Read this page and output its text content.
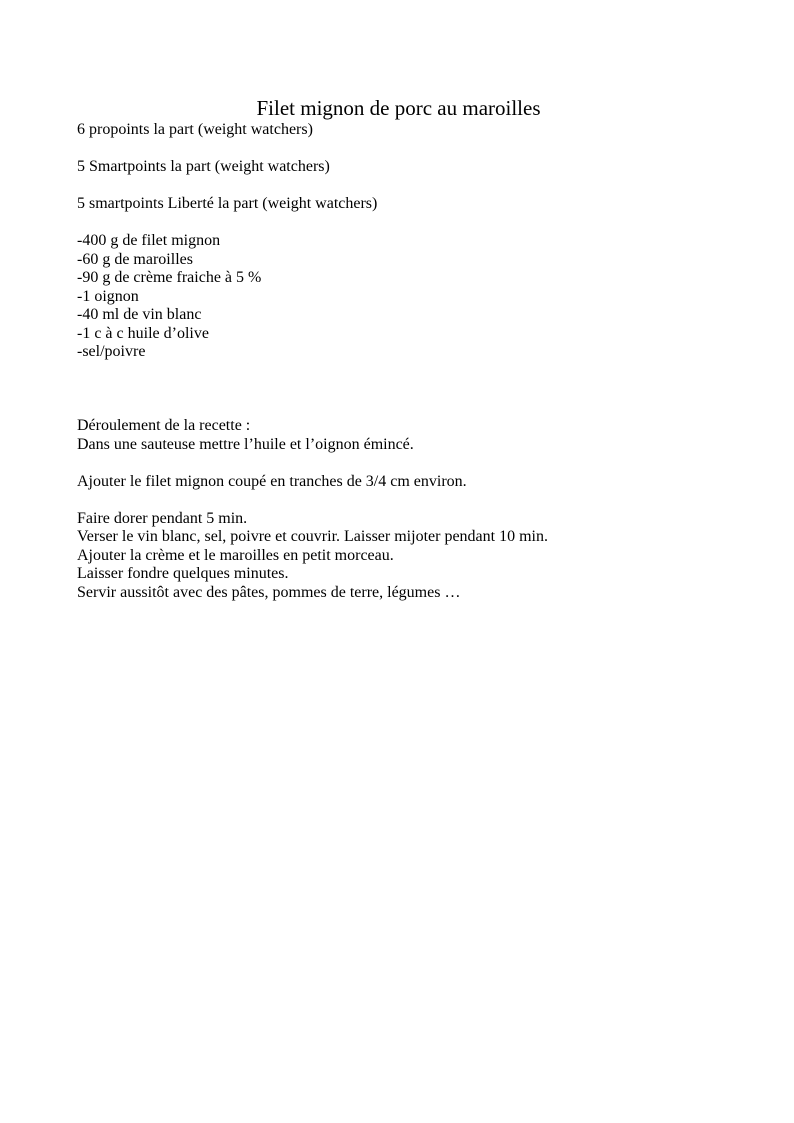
Filet mignon de porc au maroilles

6 propoints la part (weight watchers)

5 Smartpoints la part (weight watchers)

5 smartpoints Liberté la part (weight watchers)

-400 g de filet mignon

-60 g de maroilles

-90 g de crème fraiche à 5 %

-1 oignon

-40 ml de vin blanc

-1 c à c huile d’olive

-sel/poivre

Déroulement de la recette :

Dans une sauteuse mettre l’huile et l’oignon émincé.

Ajouter le filet mignon coupé en tranches de 3/4 cm environ.

Faire dorer pendant 5 min.

Verser le vin blanc, sel, poivre et couvrir. Laisser mijoter pendant 10 min.

Ajouter la crème et le maroilles en petit morceau.

Laisser fondre quelques minutes.

Servir aussitôt avec des pâtes, pommes de terre, légumes …
